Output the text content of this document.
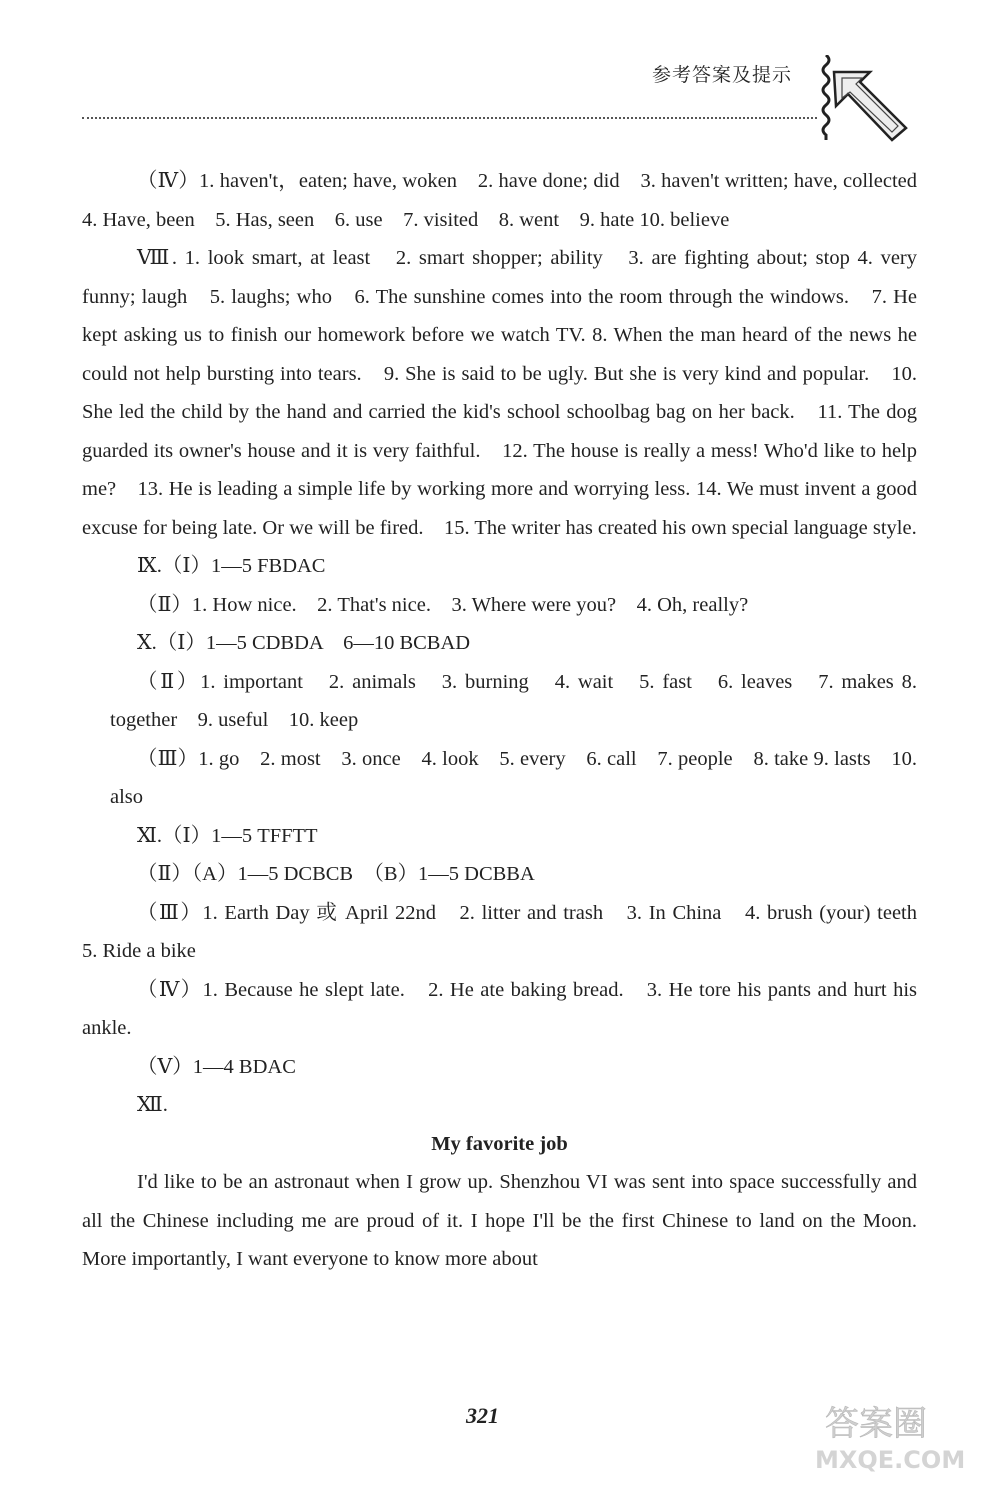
参考答案及提示

（Ⅳ）1. haven't，eaten; have, woken　2. have done; did　3. haven't written; have, collected　4. Have, been　5. Has, seen　6. use　7. visited　8. went　9. hate 10. believe

Ⅷ. 1. look smart, at least　2. smart shopper; ability　3. are fighting about; stop 4. very funny; laugh　5. laughs; who　6. The sunshine comes into the room through the windows.　7. He kept asking us to finish our homework before we watch TV. 8. When the man heard of the news he could not help bursting into tears.　9. She is said to be ugly. But she is very kind and popular.　10. She led the child by the hand and carried the kid's school schoolbag bag on her back.　11. The dog guarded its owner's house and it is very faithful.　12. The house is really a mess! Who'd like to help me?　13. He is leading a simple life by working more and worrying less. 14. We must invent a good excuse for being late. Or we will be fired.　15. The writer has created his own special language style.

Ⅸ.（Ⅰ）1—5 FBDAC

（Ⅱ）1. How nice.　2. That's nice.　3. Where were you?　4. Oh, really?

Ⅹ.（Ⅰ）1—5 CDBDA　6—10 BCBAD

（Ⅱ）1. important　2. animals　3. burning　4. wait　5. fast　6. leaves　7. makes 8. together　9. useful　10. keep

（Ⅲ）1. go　2. most　3. once　4. look　5. every　6. call　7. people　8. take 9. lasts　10. also

Ⅺ.（Ⅰ）1—5 TFFTT

（Ⅱ）（A）1—5 DCBCB　（B）1—5 DCBBA

（Ⅲ）1. Earth Day 或 April 22nd　2. litter and trash　3. In China　4. brush (your) teeth　5. Ride a bike

（Ⅳ）1. Because he slept late.　2. He ate baking bread.　3. He tore his pants and hurt his ankle.

（Ⅴ）1—4 BDAC

Ⅻ.

My favorite job

I'd like to be an astronaut when I grow up. Shenzhou VI was sent into space successfully and all the Chinese including me are proud of it. I hope I'll be the first Chinese to land on the Moon. More importantly, I want everyone to know more about

321	答案圈
MXQE.COM
